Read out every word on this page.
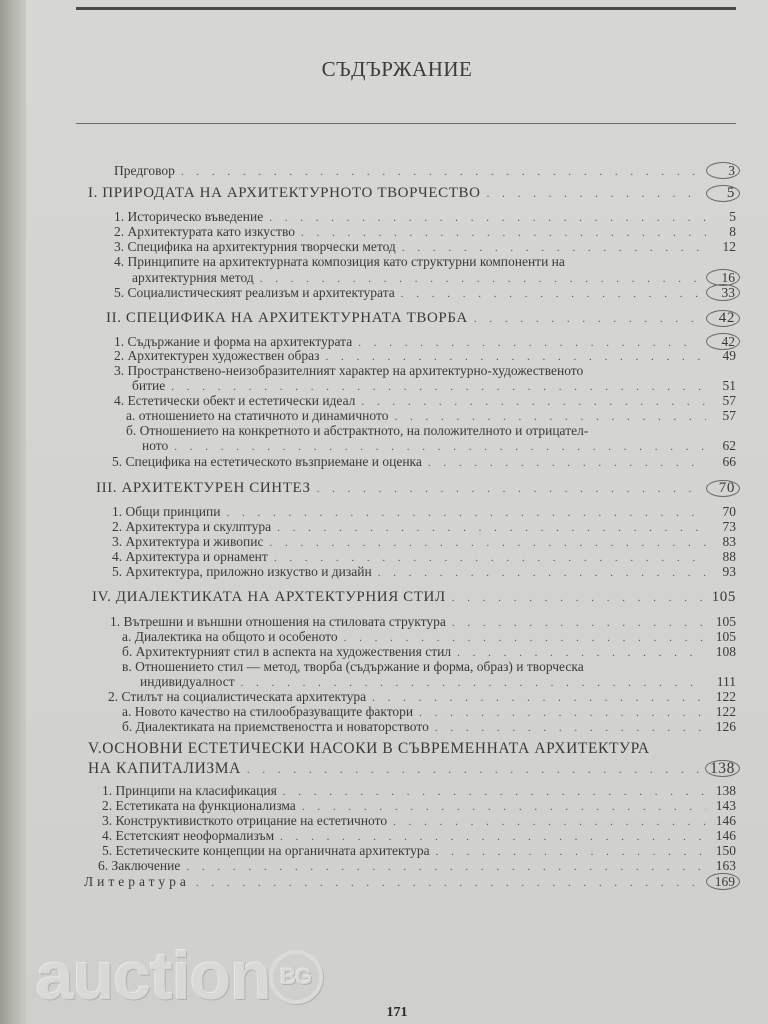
СЪДЪРЖАНИЕ
Предговор . . .	3
I. ПРИРОДАТА НА АРХИТЕКТУРНОТО ТВОРЧЕСТВО . . .	5
1. Историческо въведение . . .	5
2. Архитектурата като изкуство . . .	8
3. Специфика на архитектурния творчески метод . . .	12
4. Принципите на архитектурната композиция като структурни компоненти на
архитектурния метод . . .	16
5. Социалистическият реализъм и архитектурата . . .	33
II. СПЕЦИФИКА НА АРХИТЕКТУРНАТА ТВОРБА . . .	42
1. Съдържание и форма на архитектурата . . .	42
2. Архитектурен художествен образ . . .	49
3. Пространствено-неизобразителният характер на архитектурно-художественото
битие . . .	51
4. Естетически обект и естетически идеал . . .	57
а. отношението на статичното и динамичното . . .	57
б. Отношението на конкретното и абстрактното, на положителното и отрицател-
ното . . .	62
5. Специфика на естетическото възприемане и оценка . . .	66
III. АРХИТЕКТУРЕН СИНТЕЗ . . .	70
1. Общи принципи . . .	70
2. Архитектура и скулптура . . .	73
3. Архитектура и живопис . . .	83
4. Архитектура и орнамент . . .	88
5. Архитектура, приложно изкуство и дизайн . . .	93
IV. ДИАЛЕКТИКАТА НА АРХТЕКТУРНИЯ СТИЛ . . .	105
1. Вътрешни и външни отношения на стиловата структура . . .	105
а. Диалектика на общото и особеното . . .	105
б. Архитектурният стил в аспекта на художествения стил . . .	108
в. Отношението стил — метод, творба (съдържание и форма, образ) и творческа
индивидуалност . . .	111
2. Стилът на социалистическата архитектура . . .	122
а. Новото качество на стилообразуващите фактори . . .	122
б. Диалектиката на приемствеността и новаторството . . .	126
V.ОСНОВНИ ЕСТЕТИЧЕСКИ НАСОКИ В СЪВРЕМЕННАТА АРХИТЕКТУРА
НА КАПИТАЛИЗМА . . .	138
1. Принципи на класификация . . .	138
2. Естетиката на функционализма . . .	143
3. Конструктивисткото отрицание на естетичното . . .	146
4. Естетският неоформализъм . . .	146
5. Естетическите концепции на органичната архитектура . . .	150
6. Заключение . . .	163
Литература . . .	169
auction BG
171
